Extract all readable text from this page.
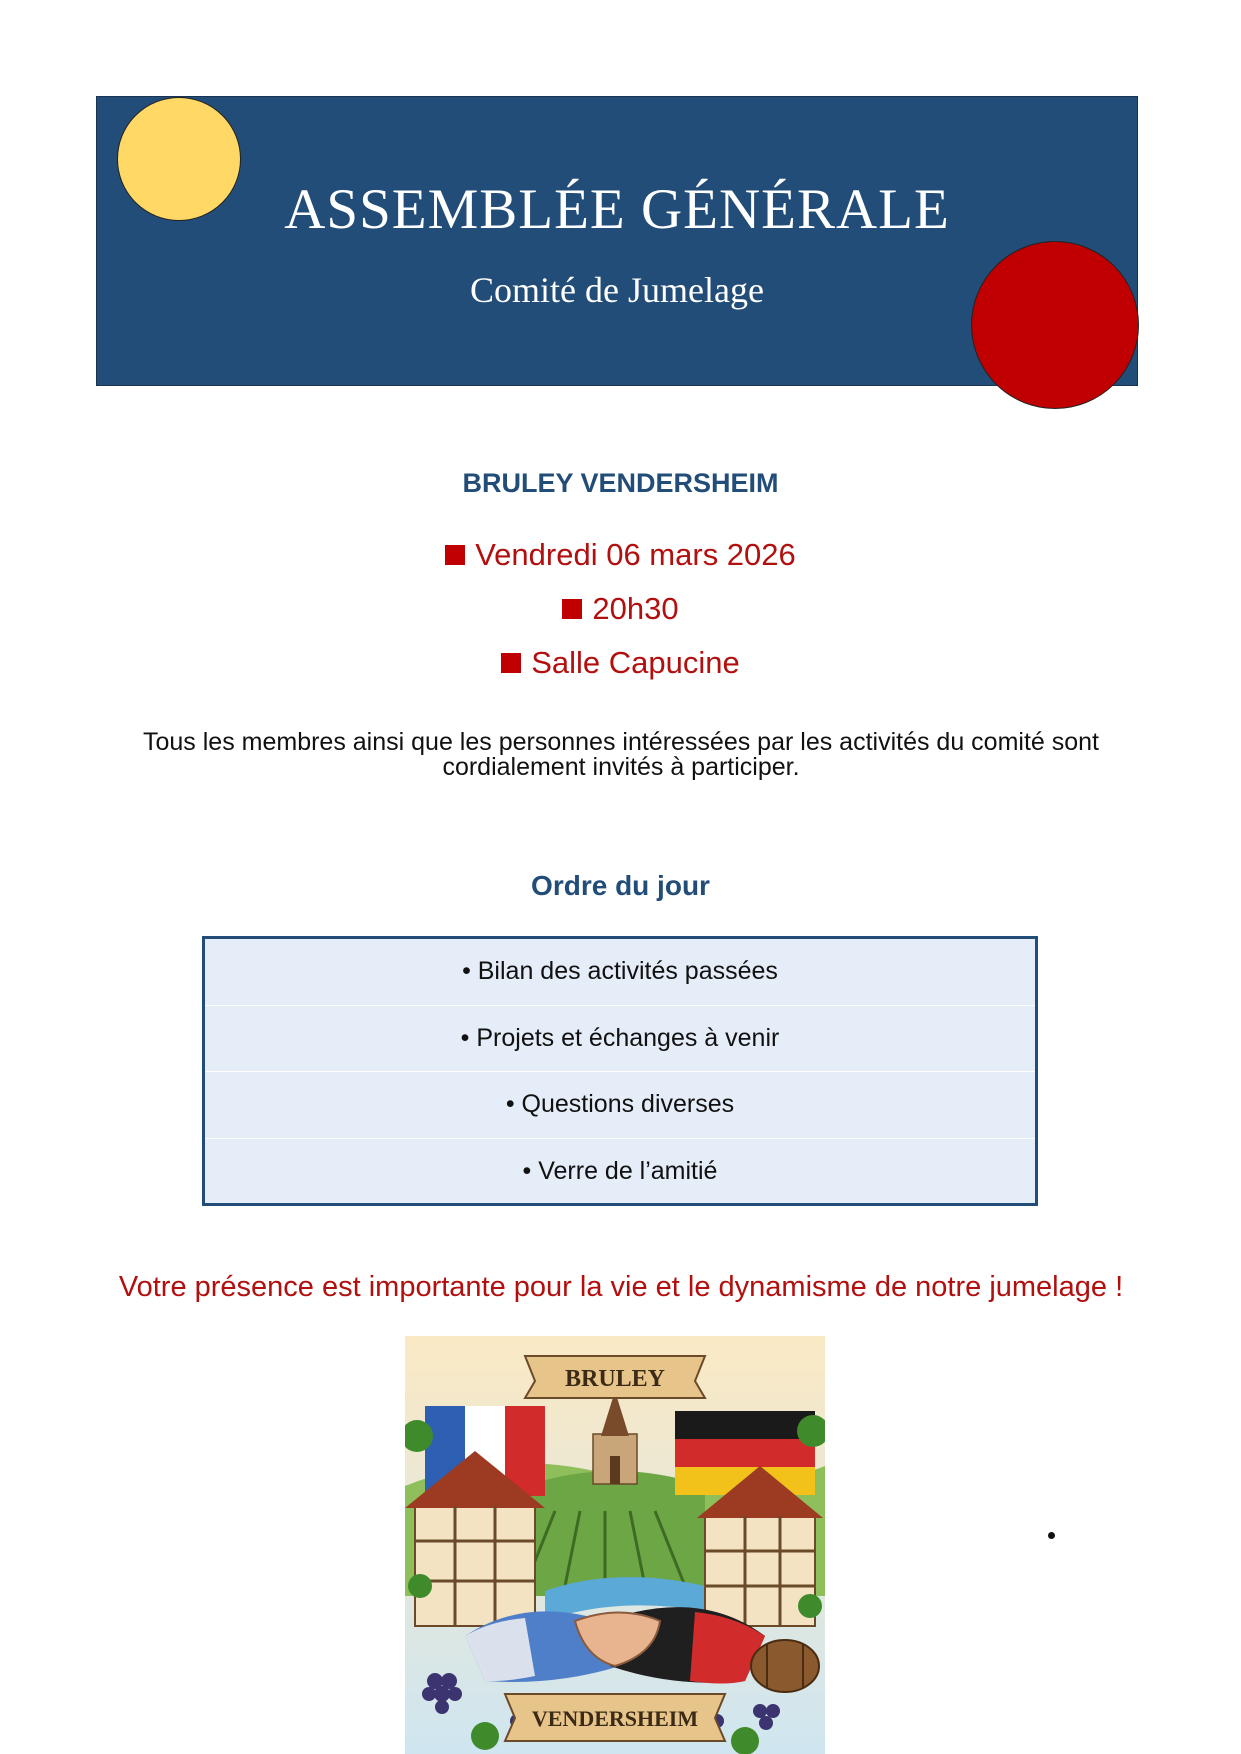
ASSEMBLÉE GÉNÉRALE
Comité de Jumelage
BRULEY VENDERSHEIM
Vendredi 06 mars 2026
20h30
Salle Capucine
Tous les membres ainsi que les personnes intéressées par les activités du comité sont cordialement invités à participer.
Ordre du jour
• Bilan des activités passées
• Projets et échanges à venir
• Questions diverses
• Verre de l’amitié
Votre présence est importante pour la vie et le dynamisme de notre jumelage !
BRULEY
VENDERSHEIM
